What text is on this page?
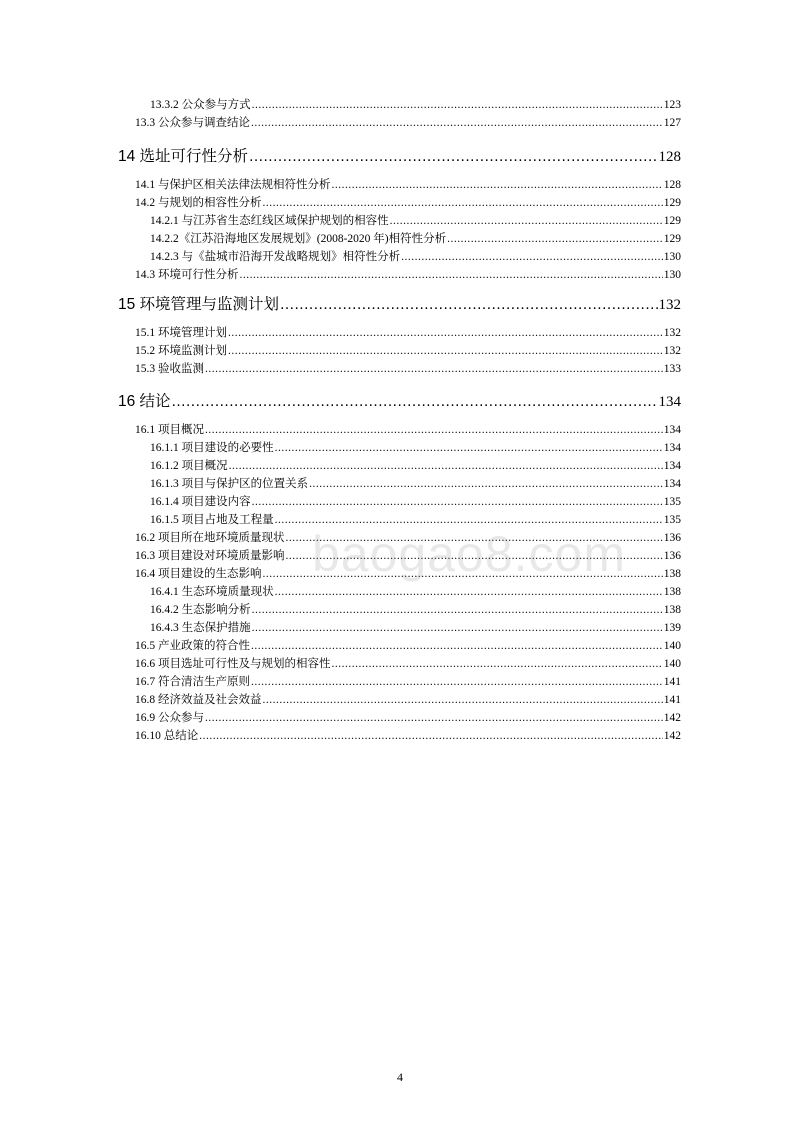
13.3.2 公众参与方式 .....	123
13.3 公众参与调查结论 .....	127
14 选址可行性分析 .....	128
14.1 与保护区相关法律法规相符性分析 .....	128
14.2 与规划的相容性分析 .....	129
14.2.1 与江苏省生态红线区域保护规划的相容性 .....	129
14.2.2《江苏沿海地区发展规划》(2008-2020 年)相符性分析 .....	129
14.2.3 与《盐城市沿海开发战略规划》相符性分析 .....	130
14.3 环境可行性分析 .....	130
15 环境管理与监测计划 .....	132
15.1 环境管理计划 .....	132
15.2 环境监测计划 .....	132
15.3 验收监测 .....	133
16 结论 .....	134
16.1 项目概况 .....	134
16.1.1 项目建设的必要性 .....	134
16.1.2 项目概况 .....	134
16.1.3 项目与保护区的位置关系 .....	134
16.1.4 项目建设内容 .....	135
16.1.5 项目占地及工程量 .....	135
16.2 项目所在地环境质量现状 .....	136
16.3 项目建设对环境质量影响 .....	136
16.4 项目建设的生态影响 .....	138
16.4.1 生态环境质量现状 .....	138
16.4.2 生态影响分析 .....	138
16.4.3 生态保护措施 .....	139
16.5 产业政策的符合性 .....	140
16.6 项目选址可行性及与规划的相容性 .....	140
16.7 符合清洁生产原则 .....	141
16.8 经济效益及社会效益 .....	141
16.9 公众参与 .....	142
16.10 总结论 .....	142
baogao8.com
4
